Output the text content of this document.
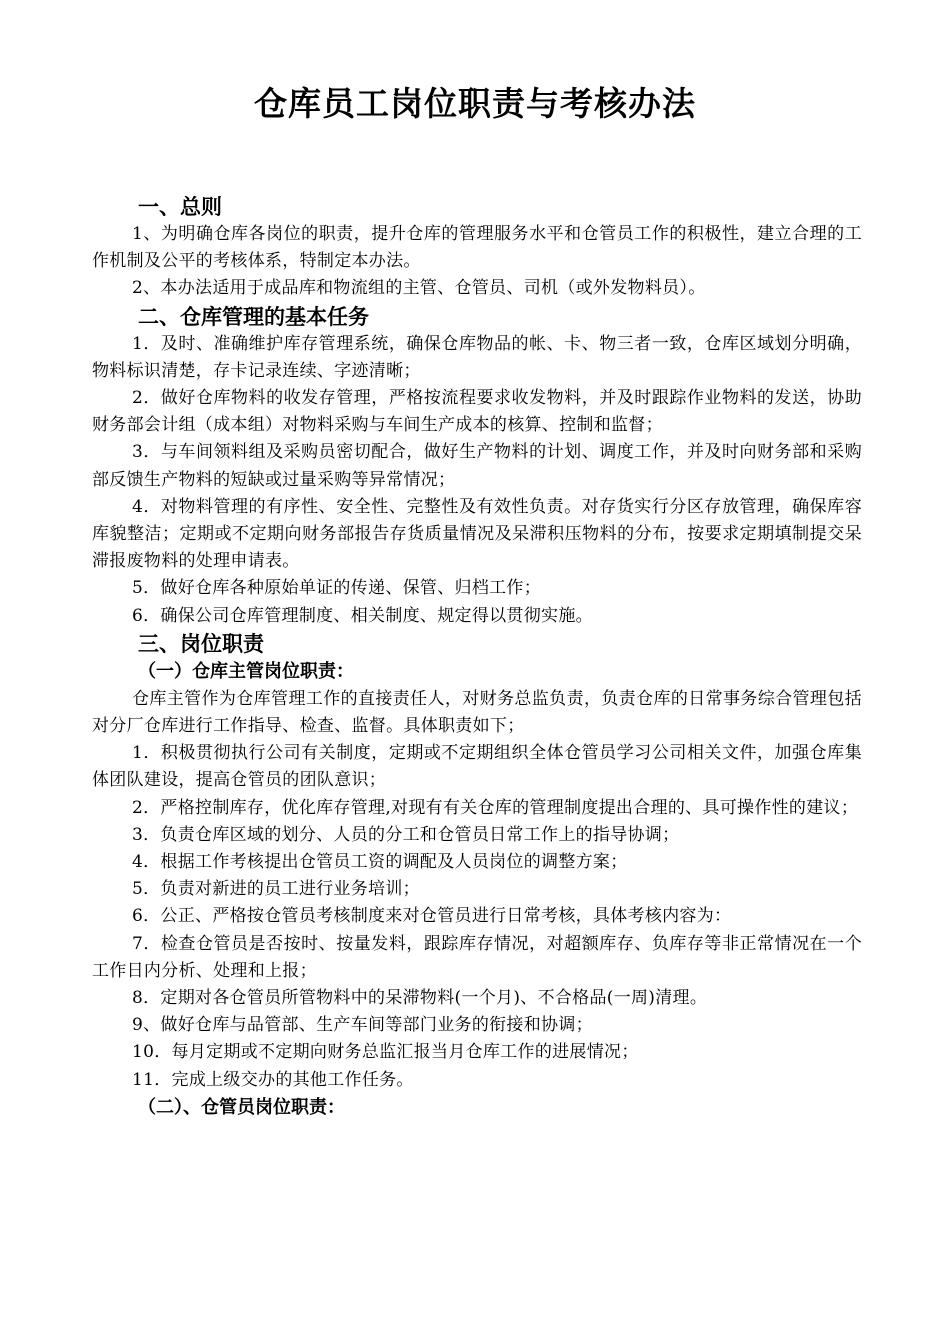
仓库员工岗位职责与考核办法
一、总则

1、为明确仓库各岗位的职责，提升仓库的管理服务水平和仓管员工作的积极性，建立合理的工作机制及公平的考核体系，特制定本办法。

2、本办法适用于成品库和物流组的主管、仓管员、司机（或外发物料员）。

二、仓库管理的基本任务

1．及时、准确维护库存管理系统，确保仓库物品的帐、卡、物三者一致，仓库区域划分明确，物料标识清楚，存卡记录连续、字迹清晰；

2．做好仓库物料的收发存管理，严格按流程要求收发物料，并及时跟踪作业物料的发送，协助财务部会计组（成本组）对物料采购与车间生产成本的核算、控制和监督；

3．与车间领料组及采购员密切配合，做好生产物料的计划、调度工作，并及时向财务部和采购部反馈生产物料的短缺或过量采购等异常情况；

4．对物料管理的有序性、安全性、完整性及有效性负责。对存货实行分区存放管理，确保库容库貌整洁；定期或不定期向财务部报告存货质量情况及呆滞积压物料的分布，按要求定期填制提交呆滞报废物料的处理申请表。

5．做好仓库各种原始单证的传递、保管、归档工作；

6．确保公司仓库管理制度、相关制度、规定得以贯彻实施。

三、岗位职责
（一）仓库主管岗位职责：

仓库主管作为仓库管理工作的直接责任人，对财务总监负责，负责仓库的日常事务综合管理包括对分厂仓库进行工作指导、检查、监督。具体职责如下；

1．积极贯彻执行公司有关制度，定期或不定期组织全体仓管员学习公司相关文件，加强仓库集体团队建设，提高仓管员的团队意识；

2．严格控制库存，优化库存管理,对现有有关仓库的管理制度提出合理的、具可操作性的建议；

3．负责仓库区域的划分、人员的分工和仓管员日常工作上的指导协调；

4．根据工作考核提出仓管员工资的调配及人员岗位的调整方案；

5．负责对新进的员工进行业务培训；

6．公正、严格按仓管员考核制度来对仓管员进行日常考核，具体考核内容为：

7．检查仓管员是否按时、按量发料，跟踪库存情况，对超额库存、负库存等非正常情况在一个工作日内分析、处理和上报；

8．定期对各仓管员所管物料中的呆滞物料(一个月)、不合格品(一周)清理。

9、做好仓库与品管部、生产车间等部门业务的衔接和协调；

10．每月定期或不定期向财务总监汇报当月仓库工作的进展情况；

11．完成上级交办的其他工作任务。

（二）、仓管员岗位职责：
